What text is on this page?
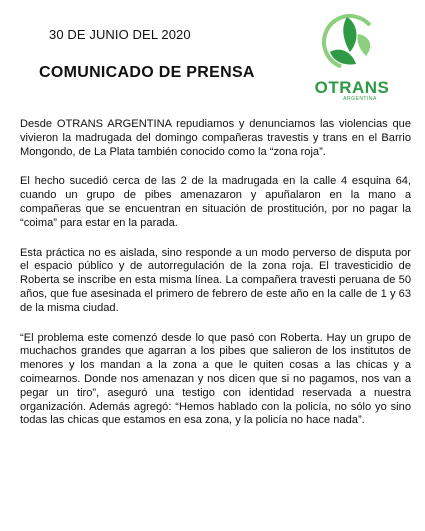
30 DE JUNIO DEL 2020
COMUNICADO DE PRENSA
OTRANS
ARGENTINA

Desde OTRANS ARGENTINA repudiamos y denunciamos las violencias que vivieron la madrugada del domingo compañeras travestis y trans en el Barrio Mongondo, de La Plata también conocido como la “zona roja”.

El hecho sucedió cerca de las 2 de la madrugada en la calle 4 esquina 64, cuando un grupo de pibes amenazaron y apuñalaron en la mano a compañeras que se encuentran en situación de prostitución, por no pagar la “coima” para estar en la parada.

Esta práctica no es aislada, sino responde a un modo perverso de disputa por el espacio público y de autorregulación de la zona roja. El travesticidio de Roberta se inscribe en esta misma línea. La compañera travesti peruana de 50 años, que fue asesinada el primero de febrero de este año en la calle de 1 y 63 de la misma ciudad.

“El problema este comenzó desde lo que pasó con Roberta. Hay un grupo de muchachos grandes que agarran a los pibes que salieron de los institutos de menores y los mandan a la zona a que le quiten cosas a las chicas y a coimearnos. Donde nos amenazan y nos dicen que si no pagamos, nos van a pegar un tiro”, aseguró una testigo con identidad reservada a nuestra organización. Además agregó: “Hemos hablado con la policía, no sólo yo sino todas las chicas que estamos en esa zona, y la policía no hace nada”.
